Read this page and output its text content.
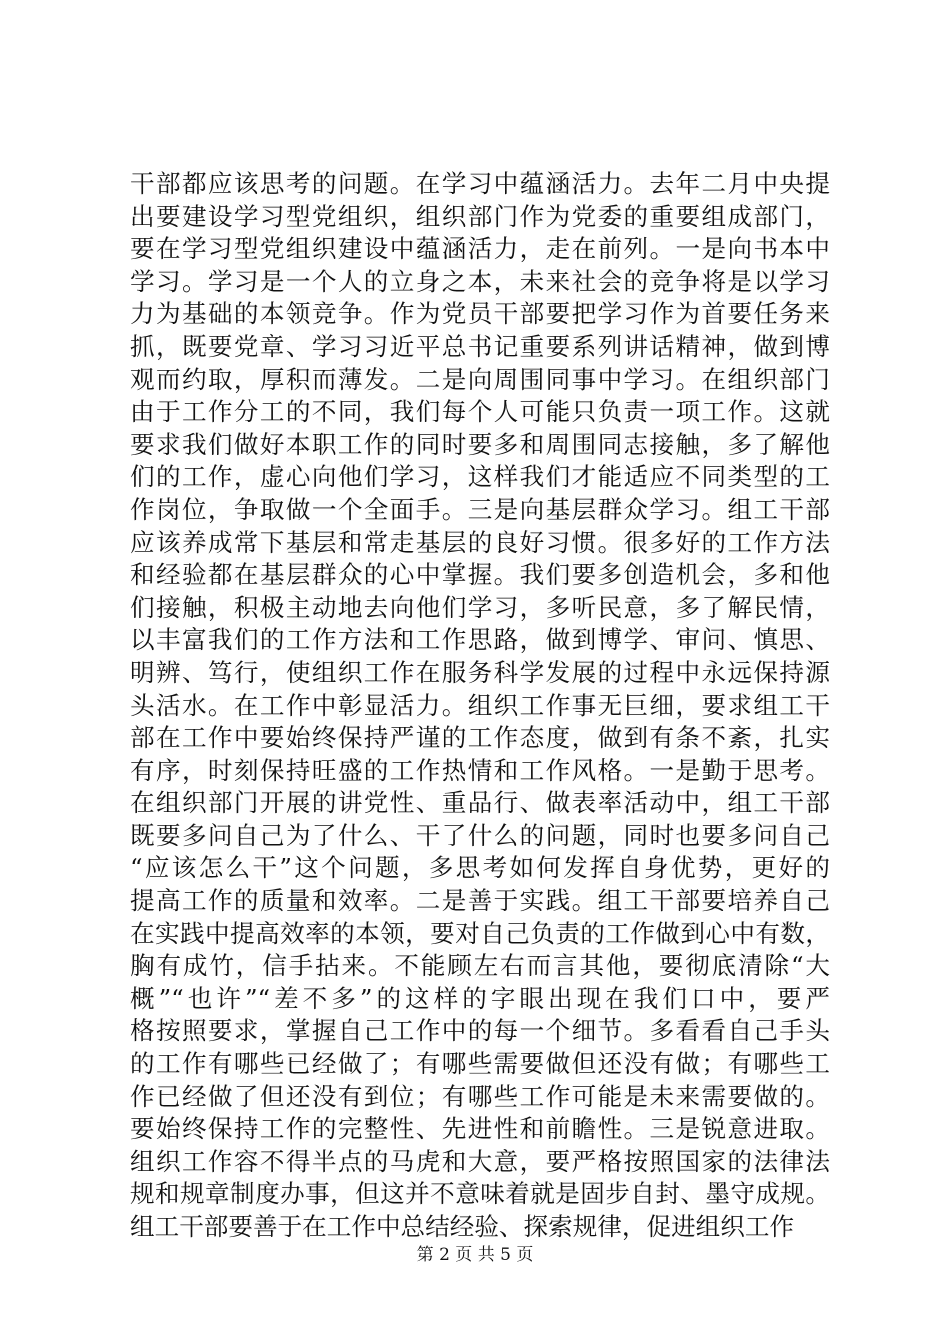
干部都应该思考的问题。在学习中蕴涵活力。去年二月中央提
出要建设学习型党组织，组织部门作为党委的重要组成部门，
要在学习型党组织建设中蕴涵活力，走在前列。一是向书本中
学习。学习是一个人的立身之本，未来社会的竞争将是以学习
力为基础的本领竞争。作为党员干部要把学习作为首要任务来
抓，既要党章、学习习近平总书记重要系列讲话精神，做到博
观而约取，厚积而薄发。二是向周围同事中学习。在组织部门
由于工作分工的不同，我们每个人可能只负责一项工作。这就
要求我们做好本职工作的同时要多和周围同志接触，多了解他
们的工作，虚心向他们学习，这样我们才能适应不同类型的工
作岗位，争取做一个全面手。三是向基层群众学习。组工干部
应该养成常下基层和常走基层的良好习惯。很多好的工作方法
和经验都在基层群众的心中掌握。我们要多创造机会，多和他
们接触，积极主动地去向他们学习，多听民意，多了解民情，
以丰富我们的工作方法和工作思路，做到博学、审问、慎思、
明辨、笃行，使组织工作在服务科学发展的过程中永远保持源
头活水。在工作中彰显活力。组织工作事无巨细，要求组工干
部在工作中要始终保持严谨的工作态度，做到有条不紊，扎实
有序，时刻保持旺盛的工作热情和工作风格。一是勤于思考。
在组织部门开展的讲党性、重品行、做表率活动中，组工干部
既要多问自己为了什么、干了什么的问题，同时也要多问自己
“应该怎么干”这个问题，多思考如何发挥自身优势，更好的
提高工作的质量和效率。二是善于实践。组工干部要培养自己
在实践中提高效率的本领，要对自己负责的工作做到心中有数，
胸有成竹，信手拈来。不能顾左右而言其他，要彻底清除“大
概”“也许”“差不多”的这样的字眼出现在我们口中，要严
格按照要求，掌握自己工作中的每一个细节。多看看自己手头
的工作有哪些已经做了；有哪些需要做但还没有做；有哪些工
作已经做了但还没有到位；有哪些工作可能是未来需要做的。
要始终保持工作的完整性、先进性和前瞻性。三是锐意进取。
组织工作容不得半点的马虎和大意，要严格按照国家的法律法
规和规章制度办事，但这并不意味着就是固步自封、墨守成规。
组工干部要善于在工作中总结经验、探索规律，促进组织工作
第 2 页 共 5 页
